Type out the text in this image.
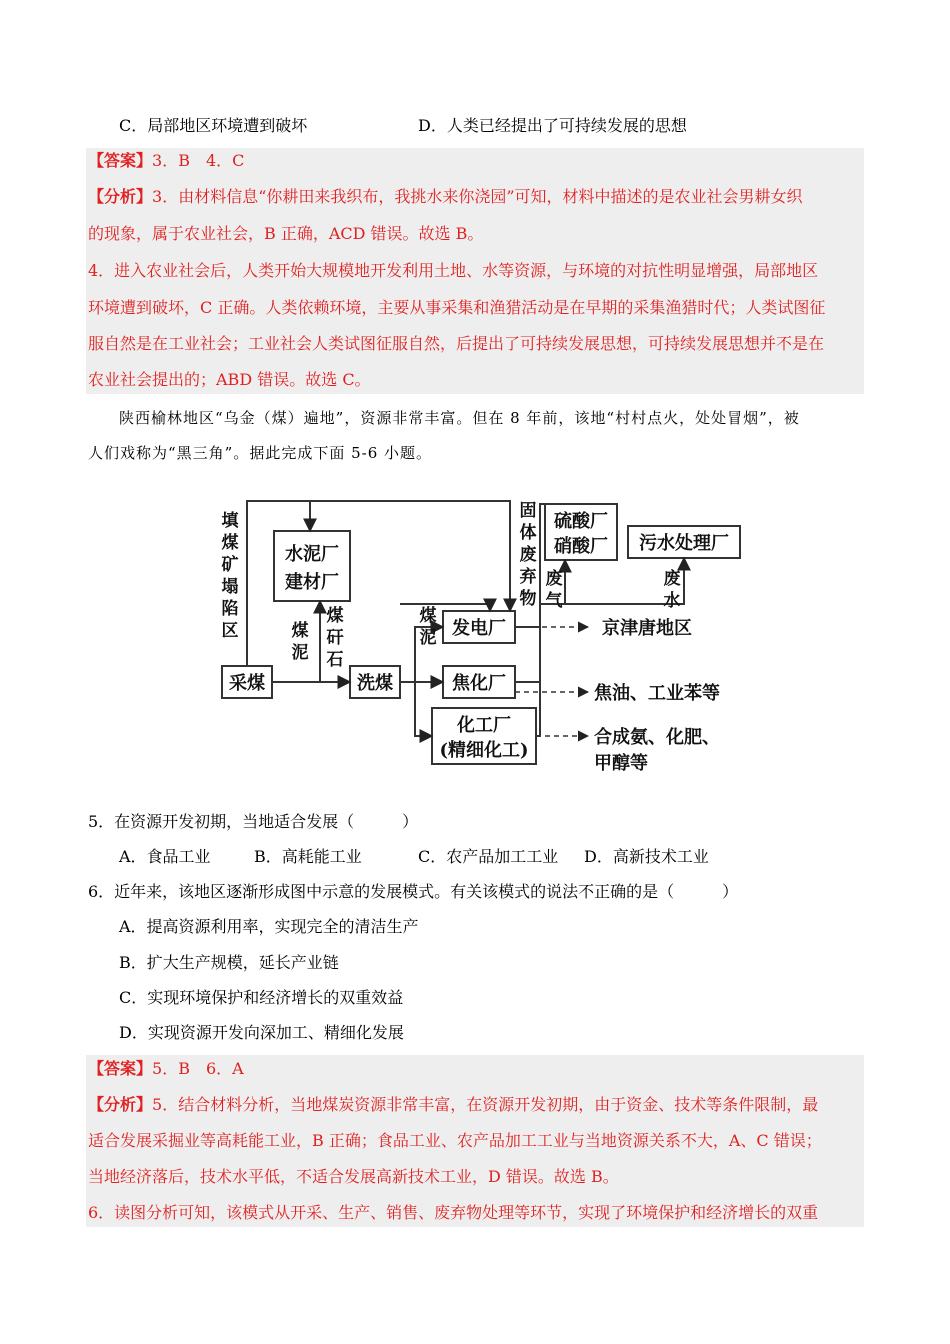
C．局部地区环境遭到破坏	D．人类已经提出了可持续发展的思想
【答案】3．B　4．C
【分析】3．由材料信息“你耕田来我织布，我挑水来你浇园”可知，材料中描述的是农业社会男耕女织
的现象，属于农业社会，B 正确，ACD 错误。故选 B。
4．进入农业社会后，人类开始大规模地开发利用土地、水等资源，与环境的对抗性明显增强，局部地区
环境遭到破坏，C 正确。人类依赖环境，主要从事采集和渔猎活动是在早期的采集渔猎时代；人类试图征
服自然是在工业社会；工业社会人类试图征服自然，后提出了可持续发展思想，可持续发展思想并不是在
农业社会提出的；ABD 错误。故选 C。
陕西榆林地区“乌金（煤）遍地”，资源非常丰富。但在 8 年前，该地“村村点火，处处冒烟”，被
人们戏称为“黑三角”。据此完成下面 5-6 小题。
采煤	洗煤
水泥厂
建材厂
发电厂
焦化厂
化工厂
(精细化工)
硫酸厂
硝酸厂 污水处理厂
京津唐地区
焦油、工业苯等
合成氨、化肥、
甲醇等
填煤矿塌陷区	煤泥
煤矸石
煤泥
固体废弃物
废气
废水
5．在资源开发初期，当地适合发展（　　　）
A．食品工业	B．高耗能工业	C．农产品加工工业 D．高新技术工业
6．近年来，该地区逐渐形成图中示意的发展模式。有关该模式的说法不正确的是（　　　）
A．提高资源利用率，实现完全的清洁生产
B．扩大生产规模，延长产业链
C．实现环境保护和经济增长的双重效益
D．实现资源开发向深加工、精细化发展
【答案】5．B　6．A
【分析】5．结合材料分析，当地煤炭资源非常丰富，在资源开发初期，由于资金、技术等条件限制，最
适合发展采掘业等高耗能工业，B 正确；食品工业、农产品加工工业与当地资源关系不大，A、C 错误；
当地经济落后，技术水平低，不适合发展高新技术工业，D 错误。故选 B。
6．读图分析可知，该模式从开采、生产、销售、废弃物处理等环节，实现了环境保护和经济增长的双重
